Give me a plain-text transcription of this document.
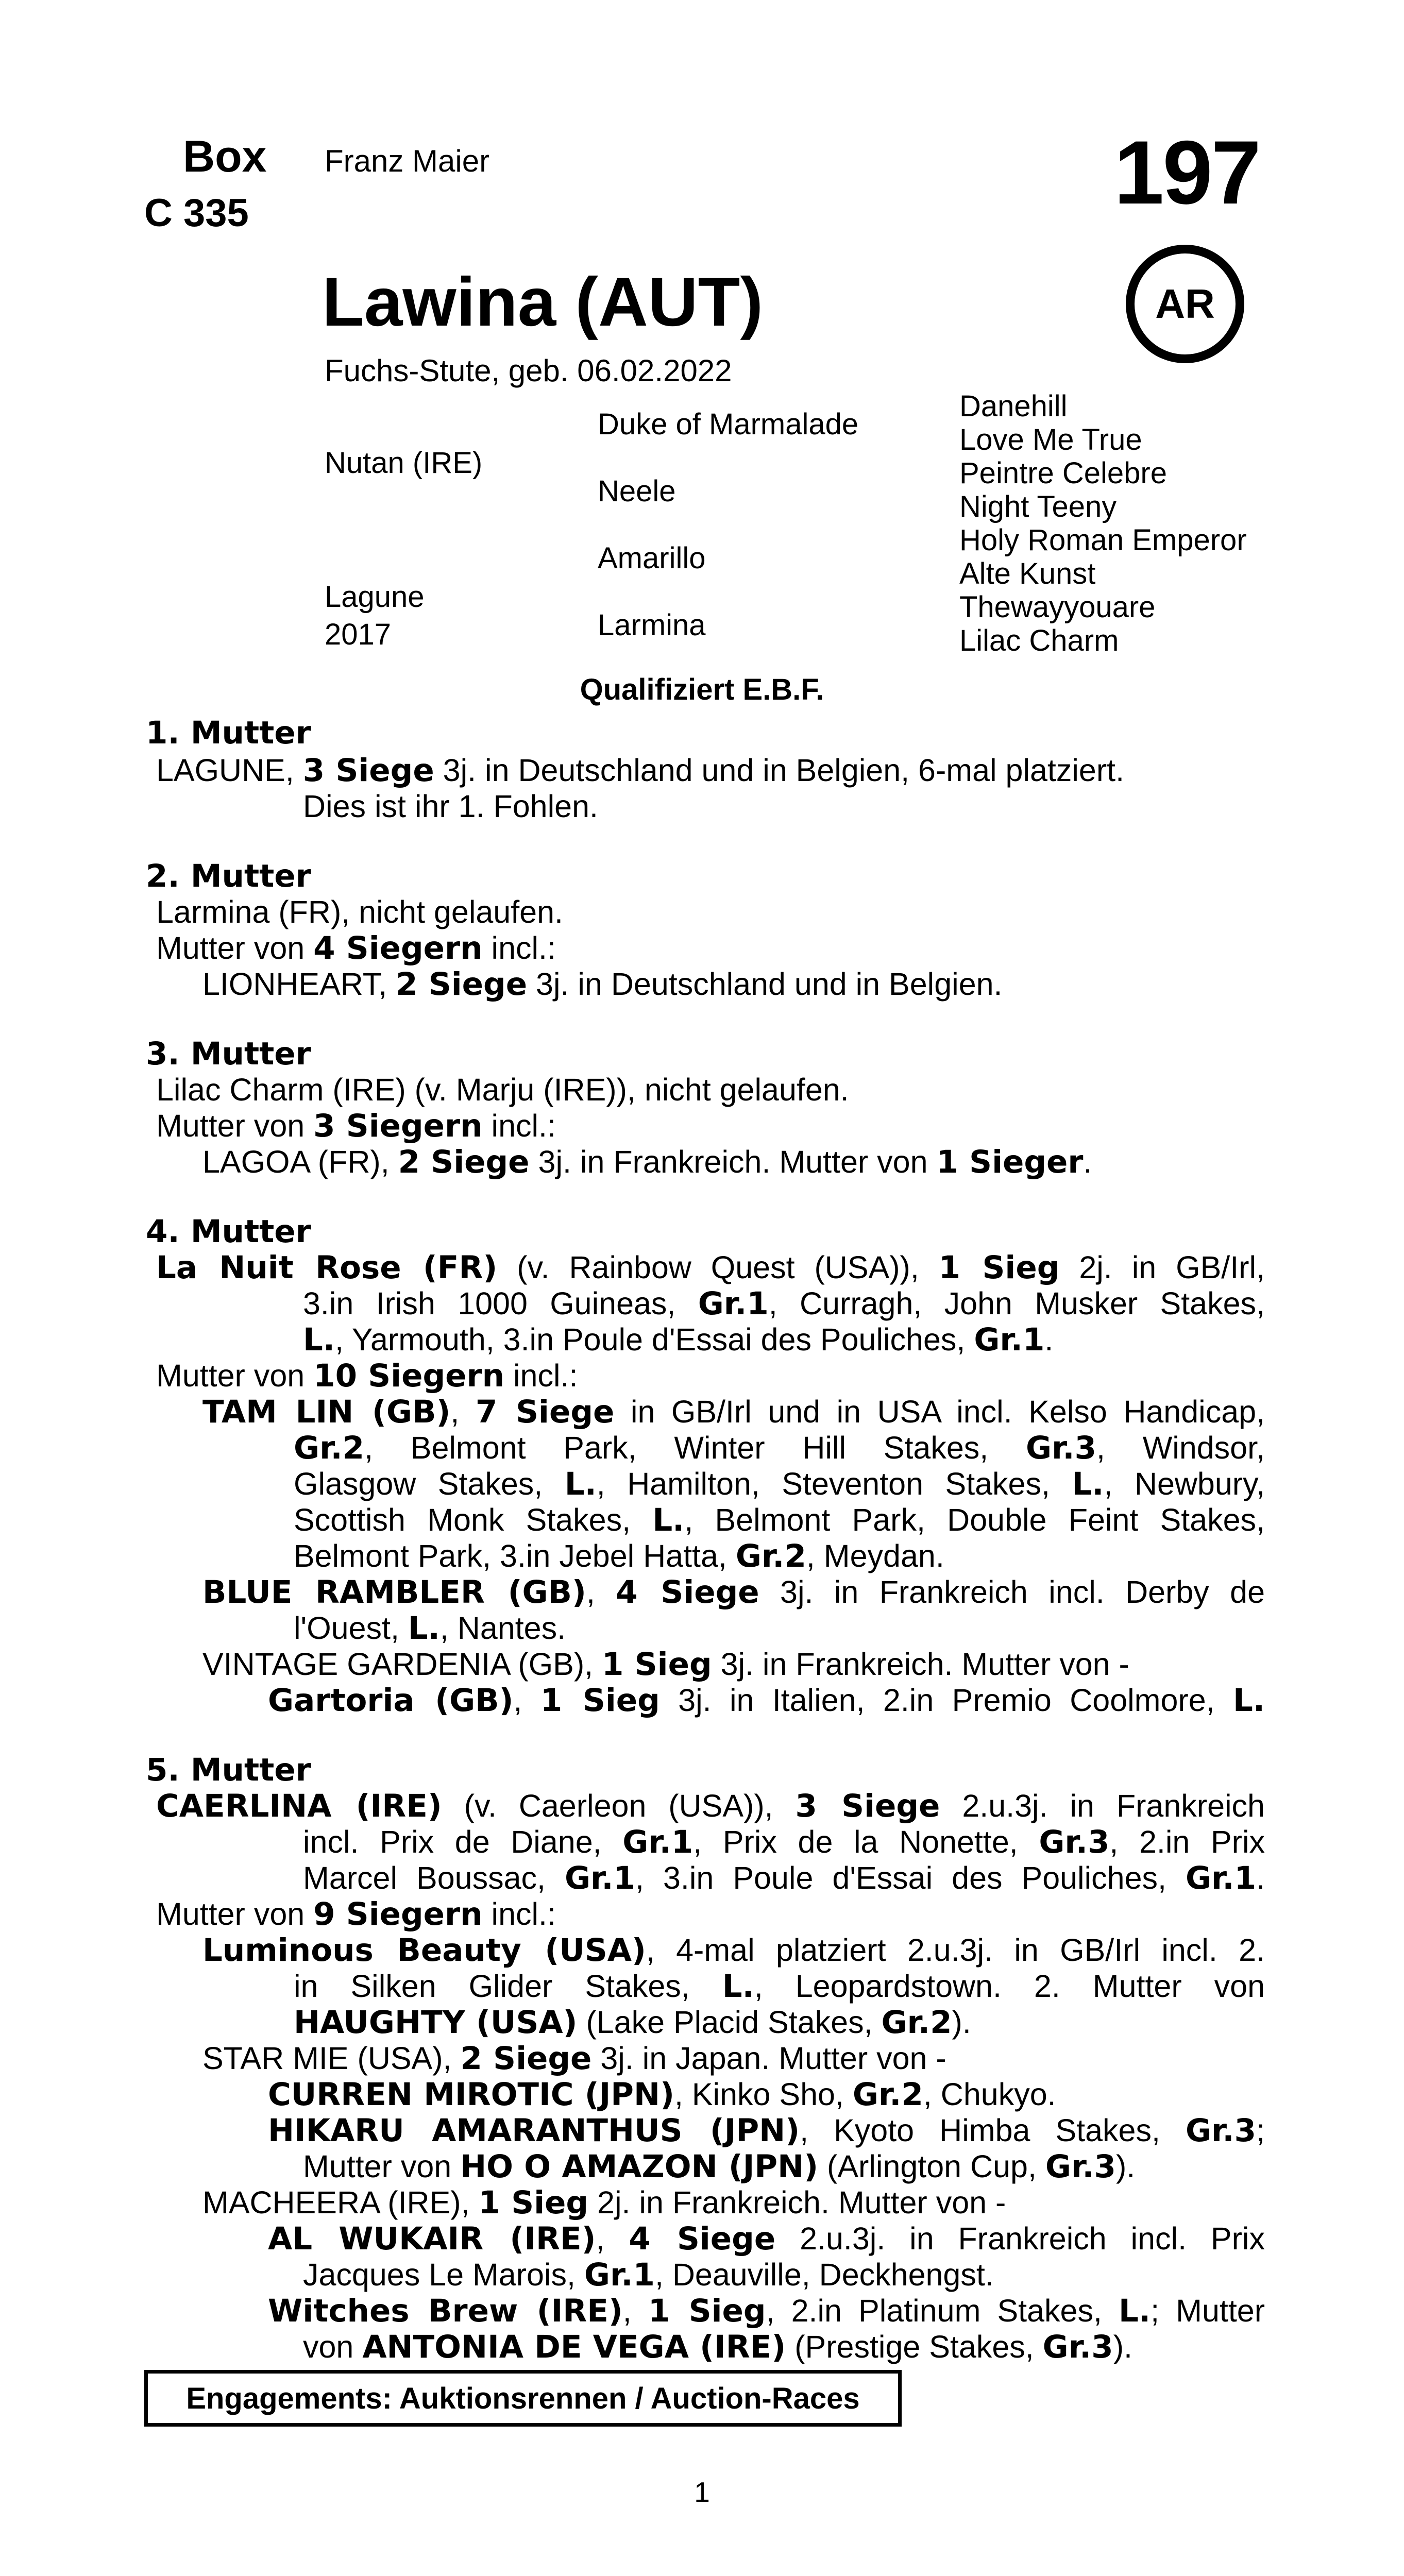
Box
C 335
Franz Maier	197
Lawina (AUT)	AR
Fuchs-Stute, geb. 06.02.2022
Nutan (IRE)
Lagune
2017
Duke of Marmalade
Neele
Amarillo
Larmina
Danehill
Love Me True
Peintre Celebre
Night Teeny
Holy Roman Emperor
Alte Kunst
Thewayyouare
Lilac Charm
Qualifiziert E.B.F.
1. Mutter
LAGUNE, 3 Siege 3j. in Deutschland und in Belgien, 6-mal platziert.
Dies ist ihr 1. Fohlen.
2. Mutter
Larmina (FR), nicht gelaufen.
Mutter von 4 Siegern incl.:
LIONHEART, 2 Siege 3j. in Deutschland und in Belgien.
3. Mutter
Lilac Charm (IRE) (v. Marju (IRE)), nicht gelaufen.
Mutter von 3 Siegern incl.:
LAGOA (FR), 2 Siege 3j. in Frankreich. Mutter von 1 Sieger.
4. Mutter
La Nuit Rose (FR) (v. Rainbow Quest (USA)), 1 Sieg 2j. in GB/Irl,
3.in Irish 1000 Guineas, Gr.1, Curragh, John Musker Stakes,
L., Yarmouth, 3.in Poule d'Essai des Pouliches, Gr.1.
Mutter von 10 Siegern incl.:
TAM LIN (GB), 7 Siege in GB/Irl und in USA incl. Kelso Handicap,
Gr.2, Belmont Park, Winter Hill Stakes, Gr.3, Windsor,
Glasgow Stakes, L., Hamilton, Steventon Stakes, L., Newbury,
Scottish Monk Stakes, L., Belmont Park, Double Feint Stakes,
Belmont Park, 3.in Jebel Hatta, Gr.2, Meydan.
BLUE RAMBLER (GB), 4 Siege 3j. in Frankreich incl. Derby de
l'Ouest, L., Nantes.
VINTAGE GARDENIA (GB), 1 Sieg 3j. in Frankreich. Mutter von -
Gartoria (GB), 1 Sieg 3j. in Italien, 2.in Premio Coolmore, L.
5. Mutter
CAERLINA (IRE) (v. Caerleon (USA)), 3 Siege 2.u.3j. in Frankreich
incl. Prix de Diane, Gr.1, Prix de la Nonette, Gr.3, 2.in Prix
Marcel Boussac, Gr.1, 3.in Poule d'Essai des Pouliches, Gr.1.
Mutter von 9 Siegern incl.:
Luminous Beauty (USA), 4-mal platziert 2.u.3j. in GB/Irl incl. 2.
in Silken Glider Stakes, L., Leopardstown. 2. Mutter von
HAUGHTY (USA) (Lake Placid Stakes, Gr.2).
STAR MIE (USA), 2 Siege 3j. in Japan. Mutter von -
CURREN MIROTIC (JPN), Kinko Sho, Gr.2, Chukyo.
HIKARU AMARANTHUS (JPN), Kyoto Himba Stakes, Gr.3;
Mutter von HO O AMAZON (JPN) (Arlington Cup, Gr.3).
MACHEERA (IRE), 1 Sieg 2j. in Frankreich. Mutter von -
AL WUKAIR (IRE), 4 Siege 2.u.3j. in Frankreich incl. Prix
Jacques Le Marois, Gr.1, Deauville, Deckhengst.
Witches Brew (IRE), 1 Sieg, 2.in Platinum Stakes, L.; Mutter
von ANTONIA DE VEGA (IRE) (Prestige Stakes, Gr.3).
Engagements: Auktionsrennen / Auction-Races
1
